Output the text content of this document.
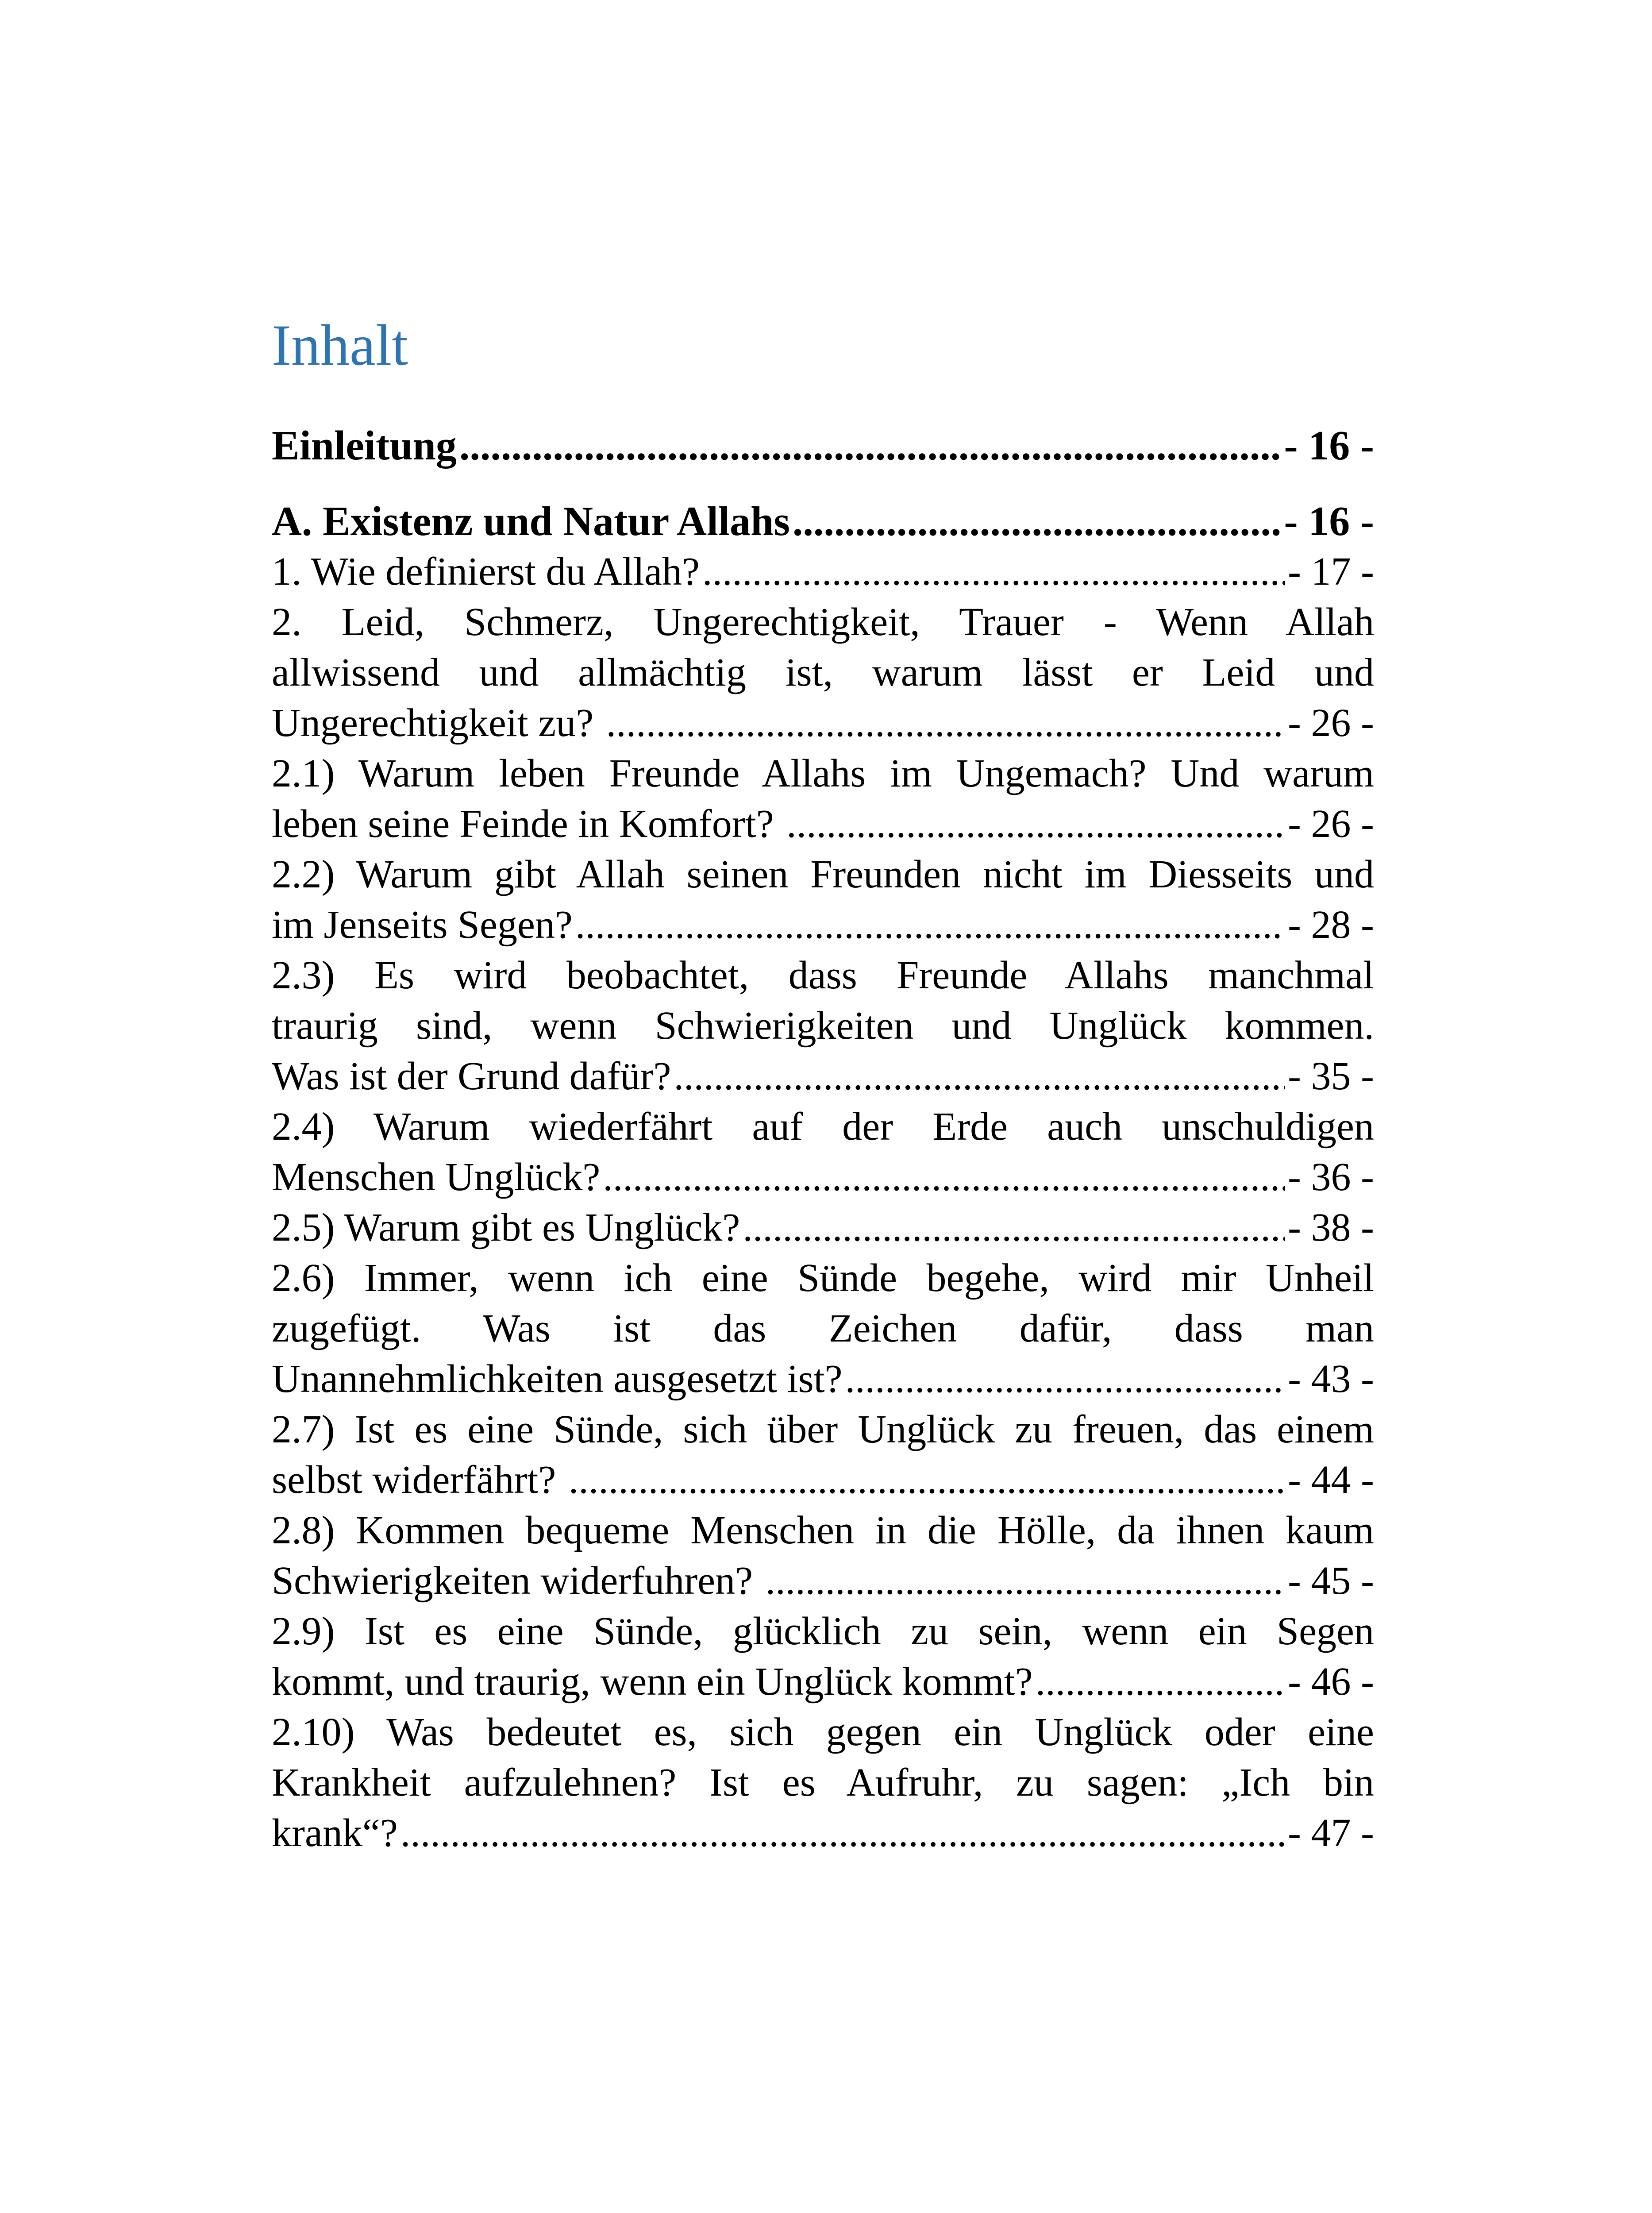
Inhalt
Einleitung .....	- 16 -
A. Existenz und Natur Allahs .....	- 16 -
1. Wie definierst du Allah? .....	- 17 -
2. Leid, Schmerz, Ungerechtigkeit, Trauer - Wenn Allah
allwissend und allmächtig ist, warum lässt er Leid und
Ungerechtigkeit zu? .....	- 26 -
2.1) Warum leben Freunde Allahs im Ungemach? Und warum
leben seine Feinde in Komfort? .....	- 26 -
2.2) Warum gibt Allah seinen Freunden nicht im Diesseits und
im Jenseits Segen? .....	- 28 -
2.3) Es wird beobachtet, dass Freunde Allahs manchmal
traurig sind, wenn Schwierigkeiten und Unglück kommen.
Was ist der Grund dafür? .....	- 35 -
2.4) Warum wiederfährt auf der Erde auch unschuldigen
Menschen Unglück? .....	- 36 -
2.5) Warum gibt es Unglück? .....	- 38 -
2.6) Immer, wenn ich eine Sünde begehe, wird mir Unheil
zugefügt. Was ist das Zeichen dafür, dass man
Unannehmlichkeiten ausgesetzt ist? .....	- 43 -
2.7) Ist es eine Sünde, sich über Unglück zu freuen, das einem
selbst widerfährt? .....	- 44 -
2.8) Kommen bequeme Menschen in die Hölle, da ihnen kaum
Schwierigkeiten widerfuhren? .....	- 45 -
2.9) Ist es eine Sünde, glücklich zu sein, wenn ein Segen
kommt, und traurig, wenn ein Unglück kommt? .....	- 46 -
2.10) Was bedeutet es, sich gegen ein Unglück oder eine
Krankheit aufzulehnen? Ist es Aufruhr, zu sagen: „Ich bin
krank“? .....	- 47 -
